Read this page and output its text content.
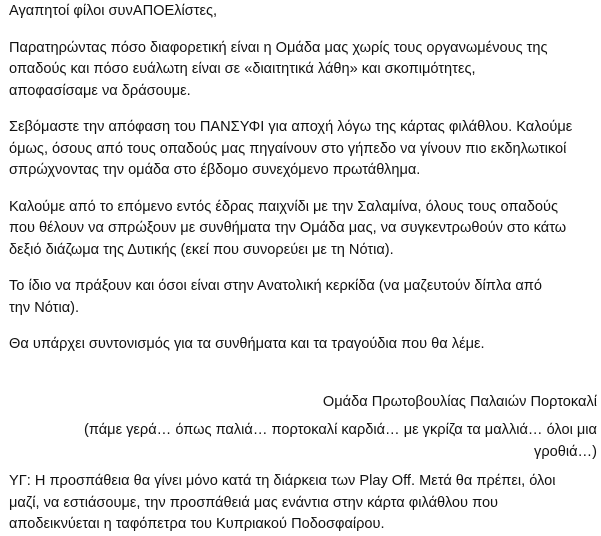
Αγαπητοί φίλοι συνΑΠΟΕλίστες,

Παρατηρώντας πόσο διαφορετική είναι η Ομάδα μας χωρίς τους οργανωμένους της
οπαδούς και πόσο ευάλωτη είναι σε «διαιτητικά λάθη» και σκοπιμότητες,
αποφασίσαμε να δράσουμε.

Σεβόμαστε την απόφαση του ΠΑΝΣΥΦΙ για αποχή λόγω της κάρτας φιλάθλου. Καλούμε
όμως, όσους από τους οπαδούς μας πηγαίνουν στο γήπεδο να γίνουν πιο εκδηλωτικοί
σπρώχνοντας την ομάδα στο έβδομο συνεχόμενο πρωτάθλημα.

Καλούμε από το επόμενο εντός έδρας παιχνίδι με την Σαλαμίνα, όλους τους οπαδούς
που θέλουν να σπρώξουν με συνθήματα την Ομάδα μας, να συγκεντρωθούν στο κάτω
δεξιό διάζωμα της Δυτικής (εκεί που συνορεύει με τη Νότια).

Το ίδιο να πράξουν και όσοι είναι στην Ανατολική κερκίδα (να μαζευτούν δίπλα από
την Νότια).

Θα υπάρχει συντονισμός για τα συνθήματα και τα τραγούδια που θα λέμε.

Ομάδα Πρωτοβουλίας Παλαιών Πορτοκαλί

(πάμε γερά… όπως παλιά… πορτοκαλί καρδιά… με γκρίζα τα μαλλιά… όλοι μια
γροθιά…)

ΥΓ: Η προσπάθεια θα γίνει μόνο κατά τη διάρκεια των Play Off. Μετά θα πρέπει, όλοι
μαζί, να εστιάσουμε, την προσπάθειά μας ενάντια στην κάρτα φιλάθλου που
αποδεικνύεται η ταφόπετρα του Κυπριακού Ποδοσφαίρου.
